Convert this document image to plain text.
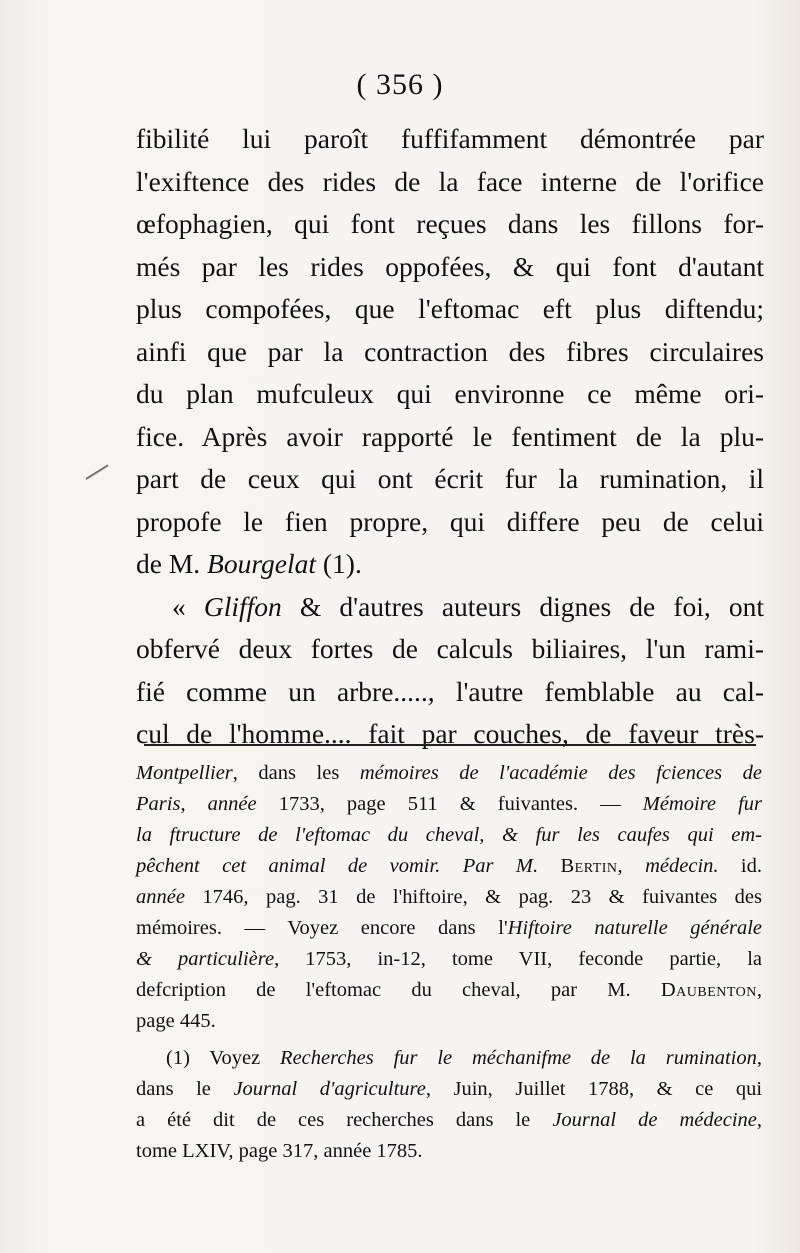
( 356 )
fibilité lui paroît fuffifamment démontrée par
l'exiftence des rides de la face interne de l'orifice
œfophagien, qui font reçues dans les fillons for-
més par les rides oppofées, & qui font d'autant
plus compofées, que l'eftomac eft plus diftendu;
ainfi que par la contraction des fibres circulaires
du plan mufculeux qui environne ce même ori-
fice. Après avoir rapporté le fentiment de la plu-
part de ceux qui ont écrit fur la rumination, il
propofe le fien propre, qui differe peu de celui
de M. Bourgelat (1).
« Gliffon & d'autres auteurs dignes de foi, ont
obfervé deux fortes de calculs biliaires, l'un rami-
fié comme un arbre....., l'autre femblable au cal-
cul de l'homme.... fait par couches, de faveur très-
Montpellier, dans les mémoires de l'académie des fciences de
Paris, année 1733, page 511 & fuivantes. — Mémoire fur
la ftructure de l'eftomac du cheval, & fur les caufes qui em-
pêchent cet animal de vomir. Par M. Bertin, médecin. id.
année 1746, pag. 31 de l'hiftoire, & pag. 23 & fuivantes des
mémoires. — Voyez encore dans l'Hiftoire naturelle générale
& particulière, 1753, in-12, tome VII, feconde partie, la
defcription de l'eftomac du cheval, par M. Daubenton,
page 445.
(1) Voyez Recherches fur le méchanifme de la rumination,
dans le Journal d'agriculture, Juin, Juillet 1788, & ce qui
a été dit de ces recherches dans le Journal de médecine,
tome LXIV, page 317, année 1785.
